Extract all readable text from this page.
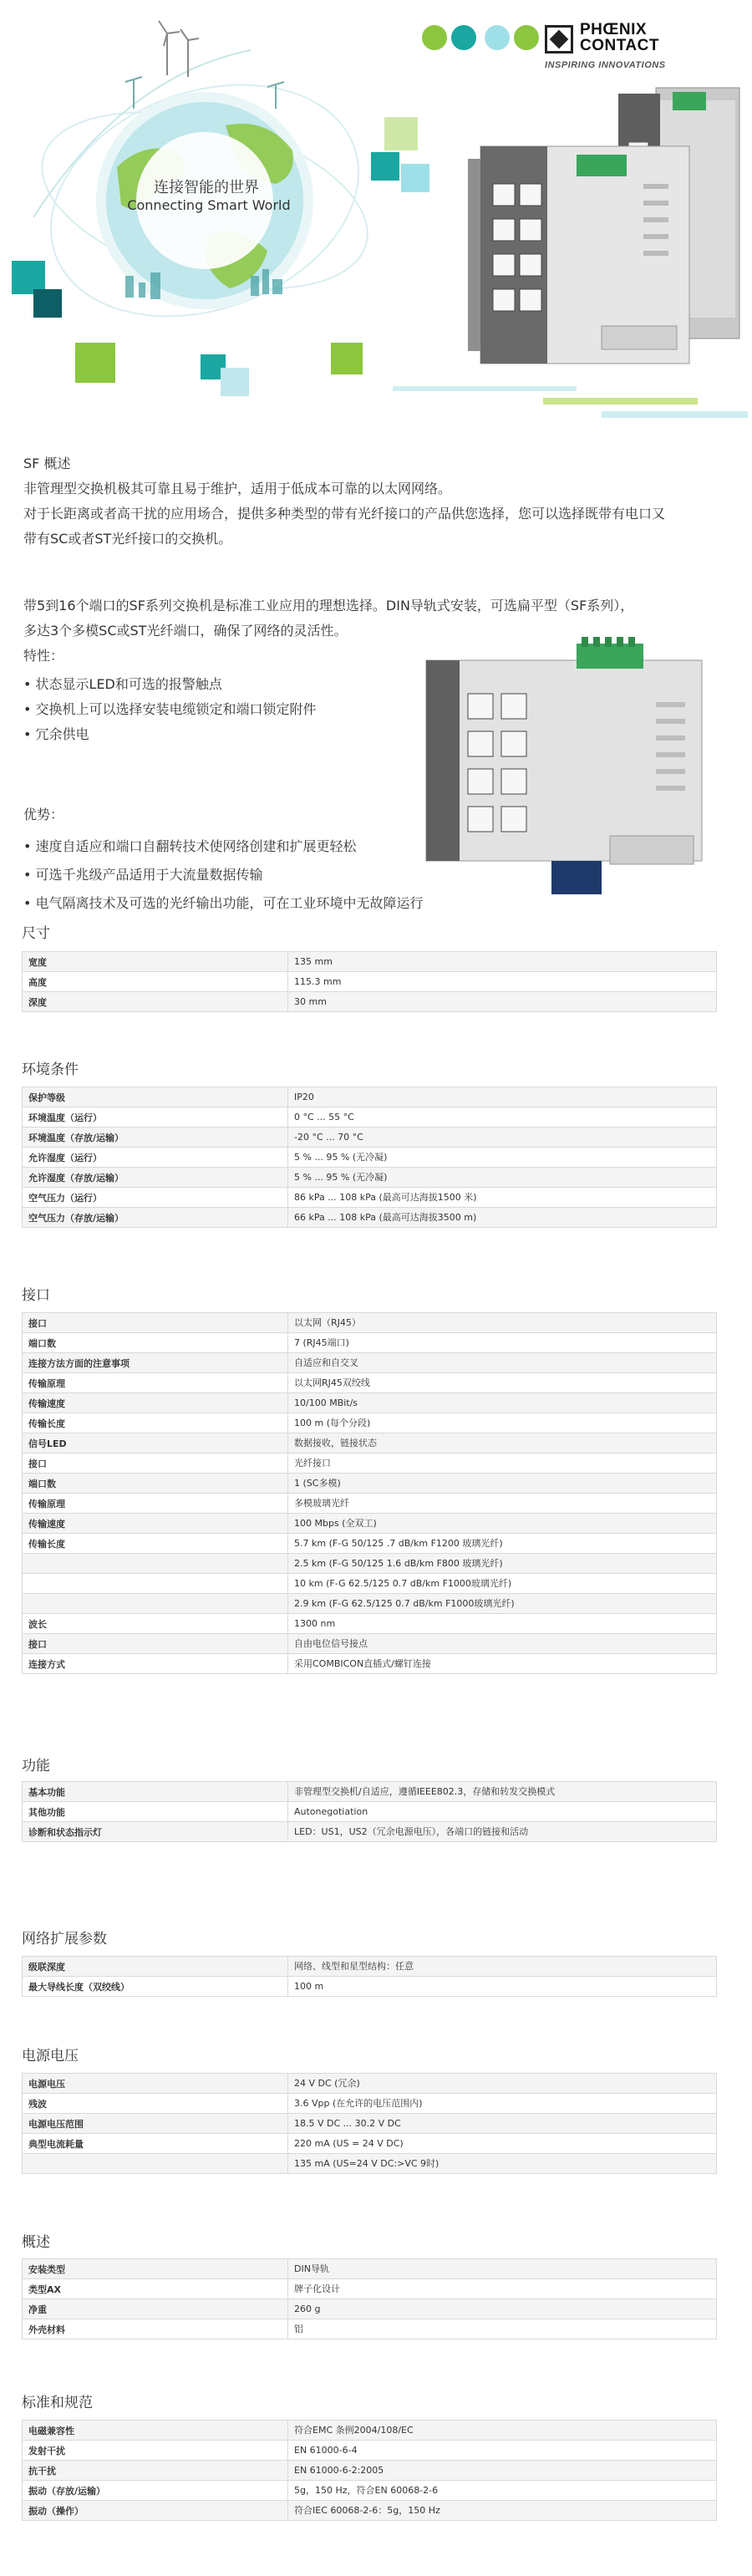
连接智能的世界
Connecting Smart World
PHŒNIX
CONTACT
INSPIRING INNOVATIONS
SF 概述
非管理型交换机极其可靠且易于维护，适用于低成本可靠的以太网网络。
对于长距离或者高干扰的应用场合，提供多种类型的带有光纤接口的产品供您选择，您可以选择既带有电口又
带有SC或者ST光纤接口的交换机。
带5到16个端口的SF系列交换机是标准工业应用的理想选择。DIN导轨式安装，可选扁平型（SF系列），
多达3个多模SC或ST光纤端口，确保了网络的灵活性。
特性：
• 状态显示LED和可选的报警触点
• 交换机上可以选择安装电缆锁定和端口锁定附件
• 冗余供电
优势：
• 速度自适应和端口自翻转技术使网络创建和扩展更轻松
• 可选千兆级产品适用于大流量数据传输
• 电气隔离技术及可选的光纤输出功能，可在工业环境中无故障运行
尺寸
宽度	135 mm
高度	115.3 mm
深度	30 mm
环境条件
保护等级	IP20
环境温度（运行）	0 °C ... 55 °C
环境温度（存放/运输）	-20 °C ... 70 °C
允许湿度（运行）	5 % ... 95 % (无冷凝)
允许湿度（存放/运输）	5 % ... 95 % (无冷凝)
空气压力（运行）	86 kPa ... 108 kPa (最高可达海拔1500 米)
空气压力（存放/运输）	66 kPa ... 108 kPa (最高可达海拔3500 m)
接口
接口	以太网（RJ45）
端口数	7 (RJ45端口)
连接方法方面的注意事项	自适应和自交叉
传输原理	以太网RJ45双绞线
传输速度	10/100 MBit/s
传输长度	100 m (每个分段)
信号LED	数据接收，链接状态
接口	光纤接口
端口数	1 (SC多模)
传输原理	多模玻璃光纤
传输速度	100 Mbps (全双工)
传输长度	5.7 km (F-G 50/125 .7 dB/km F1200 玻璃光纤)
	2.5 km (F-G 50/125 1.6 dB/km F800 玻璃光纤)
	10 km (F-G 62.5/125 0.7 dB/km F1000玻璃光纤)
	2.9 km (F-G 62.5/125 0.7 dB/km F1000玻璃光纤)
波长	1300 nm
接口	自由电位信号接点
连接方式	采用COMBICON直插式/螺钉连接
功能
基本功能	非管理型交换机/自适应，遵循IEEE802.3，存储和转发交换模式
其他功能	Autonegotiation
诊断和状态指示灯	LED：US1，US2（冗余电源电压），各端口的链接和活动
网络扩展参数
级联深度	网络、线型和星型结构：任意
最大导线长度（双绞线）	100 m
电源电压
电源电压	24 V DC (冗余)
残波	3.6 Vpp (在允许的电压范围内)
电源电压范围	18.5 V DC ... 30.2 V DC
典型电流耗量	220 mA (US = 24 V DC)
	135 mA (US=24 V DC:>VC 9时)
概述
安装类型	DIN导轨
类型AX	牌子化设计
净重	260 g
外壳材料	铝
标准和规范
电磁兼容性	符合EMC 条例2004/108/EC
发射干扰	EN 61000-6-4
抗干扰	EN 61000-6-2:2005
振动（存放/运输）	5g，150 Hz，符合EN 60068-2-6
振动（操作）	符合IEC 60068-2-6：5g，150 Hz
